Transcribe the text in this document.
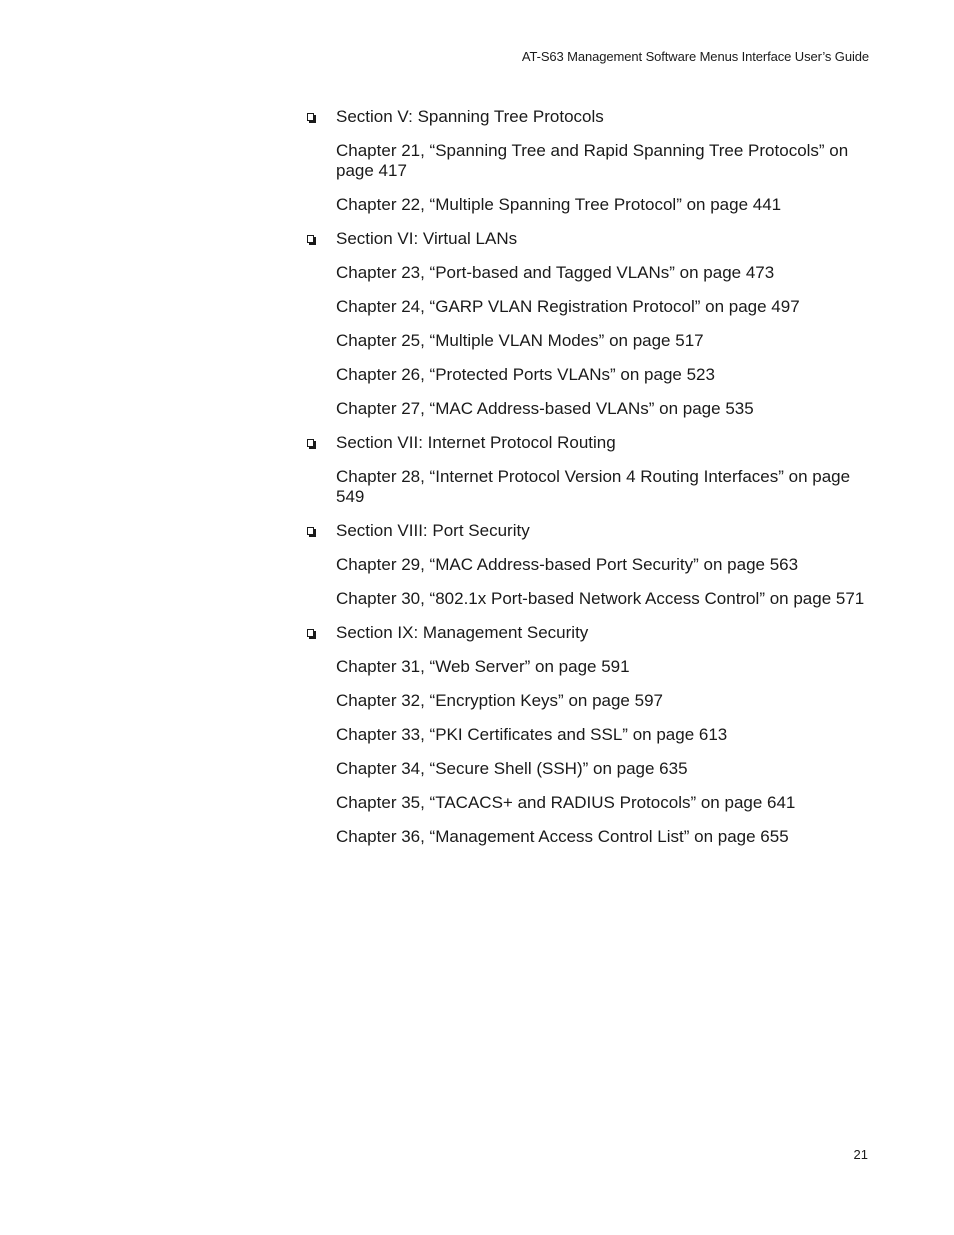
AT-S63 Management Software Menus Interface User’s Guide
Section V: Spanning Tree Protocols
Chapter 21, “Spanning Tree and Rapid Spanning Tree Protocols” on page 417
Chapter 22, “Multiple Spanning Tree Protocol” on page 441
Section VI: Virtual LANs
Chapter 23, “Port-based and Tagged VLANs” on page 473
Chapter 24, “GARP VLAN Registration Protocol” on page 497
Chapter 25, “Multiple VLAN Modes” on page 517
Chapter 26, “Protected Ports VLANs” on page 523
Chapter 27, “MAC Address-based VLANs” on page 535
Section VII: Internet Protocol Routing
Chapter 28, “Internet Protocol Version 4 Routing Interfaces” on page 549
Section VIII: Port Security
Chapter 29, “MAC Address-based Port Security” on page 563
Chapter 30, “802.1x Port-based Network Access Control” on page 571
Section IX: Management Security
Chapter 31, “Web Server” on page 591
Chapter 32, “Encryption Keys” on page 597
Chapter 33, “PKI Certificates and SSL” on page 613
Chapter 34, “Secure Shell (SSH)” on page 635
Chapter 35, “TACACS+ and RADIUS Protocols” on page 641
Chapter 36, “Management Access Control List” on page 655
21
